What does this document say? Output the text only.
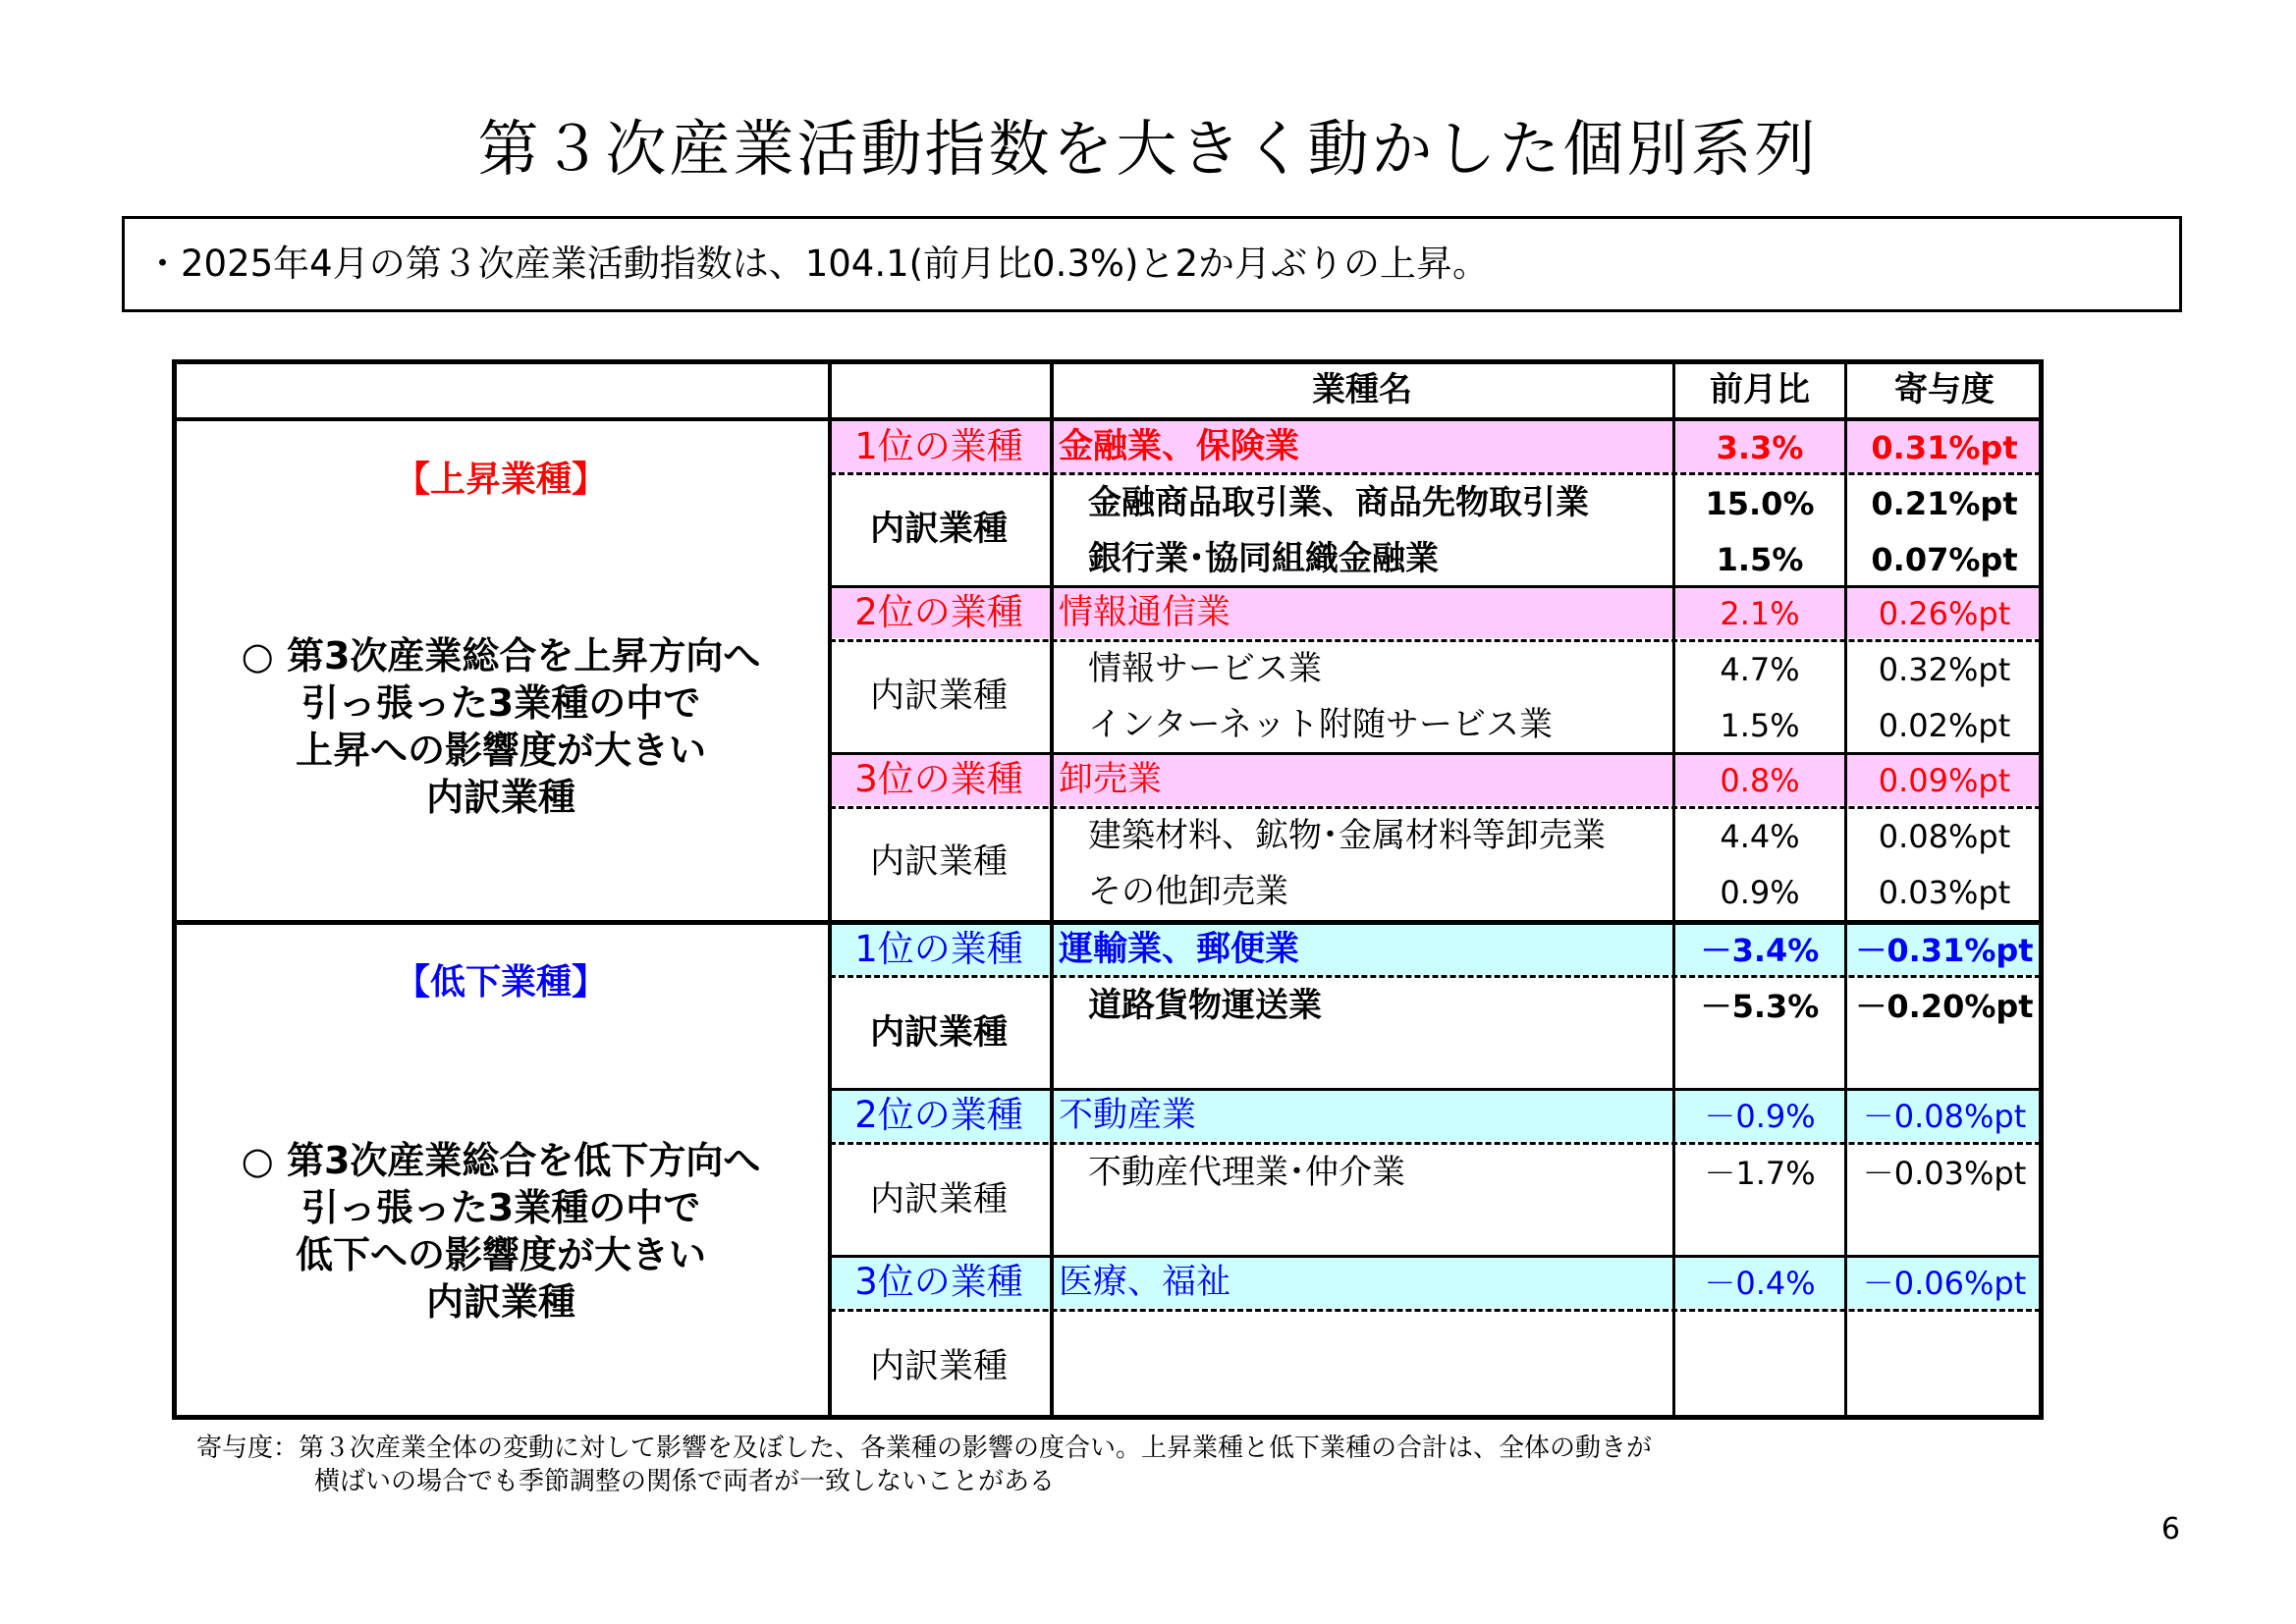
第３次産業活動指数を大きく動かした個別系列
・2025年4月の第３次産業活動指数は、104.1(前月比0.3%)と2か月ぶりの上昇。
業種名	前月比	寄与度
【上昇業種】
○ 第3次産業総合を上昇方向へ
引っ張った3業種の中で
上昇への影響度が大きい
内訳業種
1位の業種	金融業、保険業	3.3%	0.31%pt
内訳業種
金融商品取引業、商品先物取引業	15.0%	0.21%pt
銀行業･協同組織金融業	1.5%	0.07%pt
2位の業種	情報通信業	2.1%	0.26%pt
内訳業種
情報サービス業	4.7%	0.32%pt
インターネット附随サービス業	1.5%	0.02%pt
3位の業種	卸売業	0.8%	0.09%pt
内訳業種
建築材料、鉱物･金属材料等卸売業	4.4%	0.08%pt
その他卸売業	0.9%	0.03%pt
【低下業種】
○ 第3次産業総合を低下方向へ
引っ張った3業種の中で
低下への影響度が大きい
内訳業種
1位の業種	運輸業、郵便業	－3.4%	－0.31%pt
内訳業種
道路貨物運送業	－5.3%	－0.20%pt
2位の業種	不動産業	－0.9%	－0.08%pt
内訳業種
不動産代理業･仲介業	－1.7%	－0.03%pt
3位の業種	医療、福祉	－0.4%	－0.06%pt
内訳業種
寄与度：第３次産業全体の変動に対して影響を及ぼした、各業種の影響の度合い。上昇業種と低下業種の合計は、全体の動きが
横ばいの場合でも季節調整の関係で両者が一致しないことがある
6
